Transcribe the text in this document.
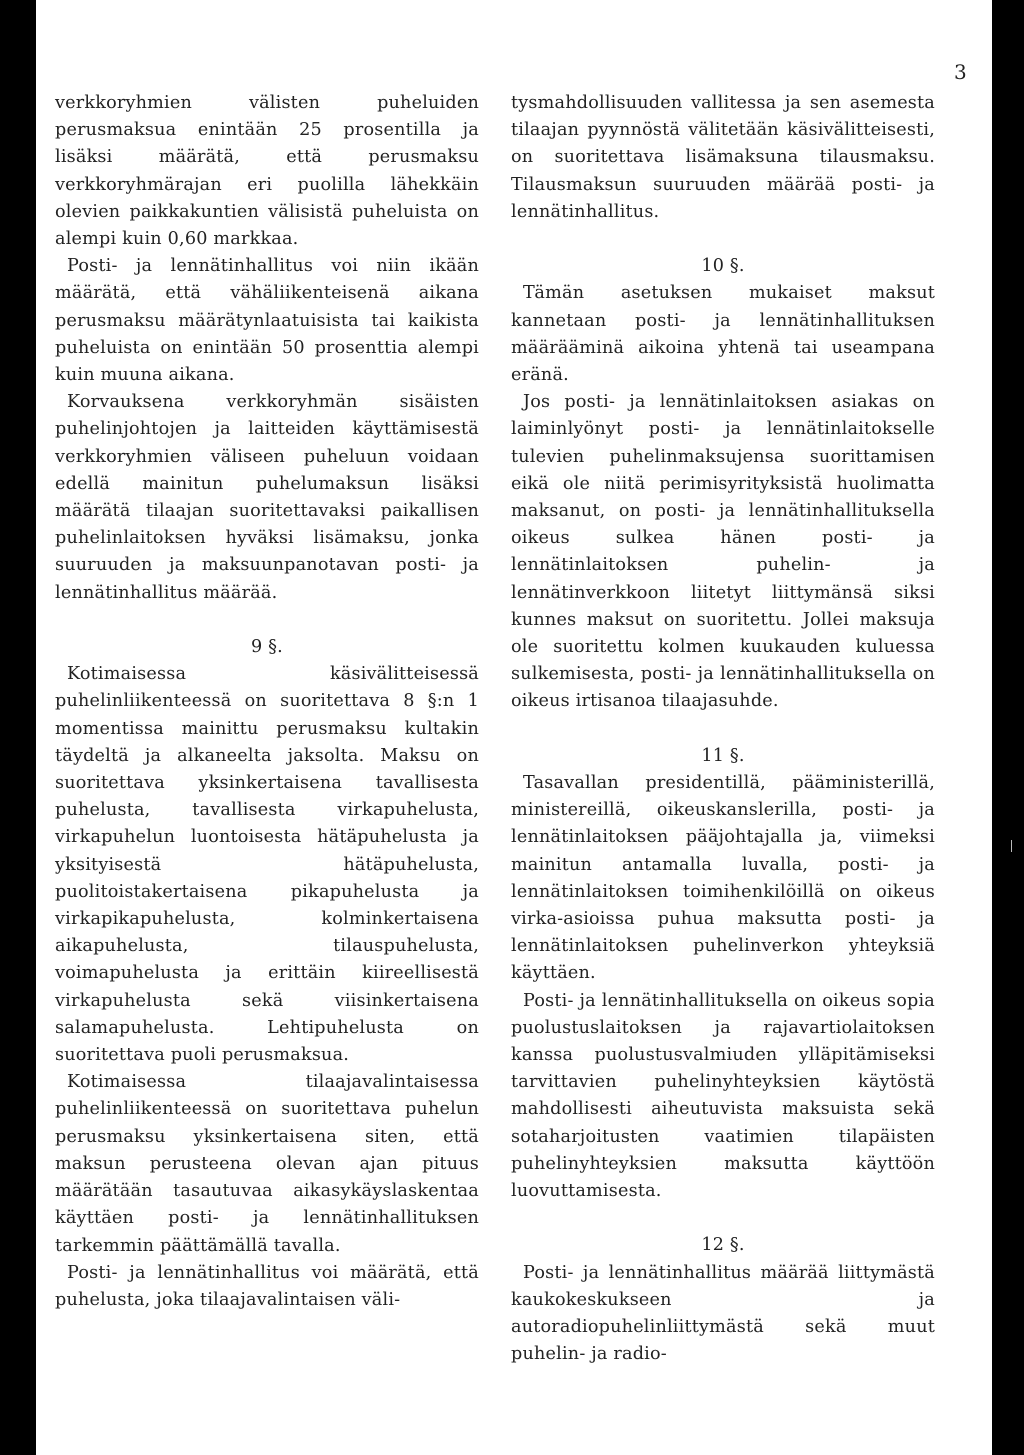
3

verkkoryhmien välisten puheluiden perusmaksua enintään 25 prosentilla ja lisäksi määrätä, että perusmaksu verkkoryhmärajan eri puolilla lähekkäin olevien paikkakuntien välisistä puheluista on alempi kuin 0,60 markkaa.

Posti- ja lennätinhallitus voi niin ikään määrätä, että vähäliikenteisenä aikana perusmaksu määrätynlaatuisista tai kaikista puheluista on enintään 50 prosenttia alempi kuin muuna aikana.

Korvauksena verkkoryhmän sisäisten puhelinjohtojen ja laitteiden käyttämisestä verkkoryhmien väliseen puheluun voidaan edellä mainitun puhelumaksun lisäksi määrätä tilaajan suoritettavaksi paikallisen puhelinlaitoksen hyväksi lisämaksu, jonka suuruuden ja maksuunpanotavan posti- ja lennätinhallitus määrää.

9 §.

Kotimaisessa käsivälitteisessä puhelinliikenteessä on suoritettava 8 §:n 1 momentissa mainittu perusmaksu kultakin täydeltä ja alkaneelta jaksolta. Maksu on suoritettava yksinkertaisena tavallisesta puhelusta, tavallisesta virkapuhelusta, virkapuhelun luontoisesta hätäpuhelusta ja yksityisestä hätäpuhelusta, puolitoistakertaisena pikapuhelusta ja virkapikapuhelusta, kolminkertaisena aikapuhelusta, tilauspuhelusta, voimapuhelusta ja erittäin kiireellisestä virkapuhelusta sekä viisinkertaisena salamapuhelusta. Lehtipuhelusta on suoritettava puoli perusmaksua.

Kotimaisessa tilaajavalintaisessa puhelinliikenteessä on suoritettava puhelun perusmaksu yksinkertaisena siten, että maksun perusteena olevan ajan pituus määrätään tasautuvaa aikasykäyslaskentaa käyttäen posti- ja lennätinhallituksen tarkemmin päättämällä tavalla.

Posti- ja lennätinhallitus voi määrätä, että puhelusta, joka tilaajavalintaisen väli-

tysmahdollisuuden vallitessa ja sen asemesta tilaajan pyynnöstä välitetään käsivälitteisesti, on suoritettava lisämaksuna tilausmaksu. Tilausmaksun suuruuden määrää posti- ja lennätinhallitus.

10 §.

Tämän asetuksen mukaiset maksut kannetaan posti- ja lennätinhallituksen määrääminä aikoina yhtenä tai useampana eränä.

Jos posti- ja lennätinlaitoksen asiakas on laiminlyönyt posti- ja lennätinlaitokselle tulevien puhelinmaksujensa suorittamisen eikä ole niitä perimisyrityksistä huolimatta maksanut, on posti- ja lennätinhallituksella oikeus sulkea hänen posti- ja lennätinlaitoksen puhelin- ja lennätinverkkoon liitetyt liittymänsä siksi kunnes maksut on suoritettu. Jollei maksuja ole suoritettu kolmen kuukauden kuluessa sulkemisesta, posti- ja lennätinhallituksella on oikeus irtisanoa tilaajasuhde.

11 §.

Tasavallan presidentillä, pääministerillä, ministereillä, oikeuskanslerilla, posti- ja lennätinlaitoksen pääjohtajalla ja, viimeksi mainitun antamalla luvalla, posti- ja lennätinlaitoksen toimihenkilöillä on oikeus virka-asioissa puhua maksutta posti- ja lennätinlaitoksen puhelinverkon yhteyksiä käyttäen.

Posti- ja lennätinhallituksella on oikeus sopia puolustuslaitoksen ja rajavartiolaitoksen kanssa puolustusvalmiuden ylläpitämiseksi tarvittavien puhelinyhteyksien käytöstä mahdollisesti aiheutuvista maksuista sekä sotaharjoitusten vaatimien tilapäisten puhelinyhteyksien maksutta käyttöön luovuttamisesta.

12 §.

Posti- ja lennätinhallitus määrää liittymästä kaukokeskukseen ja autoradiopuhelinliittymästä sekä muut puhelin- ja radio-
